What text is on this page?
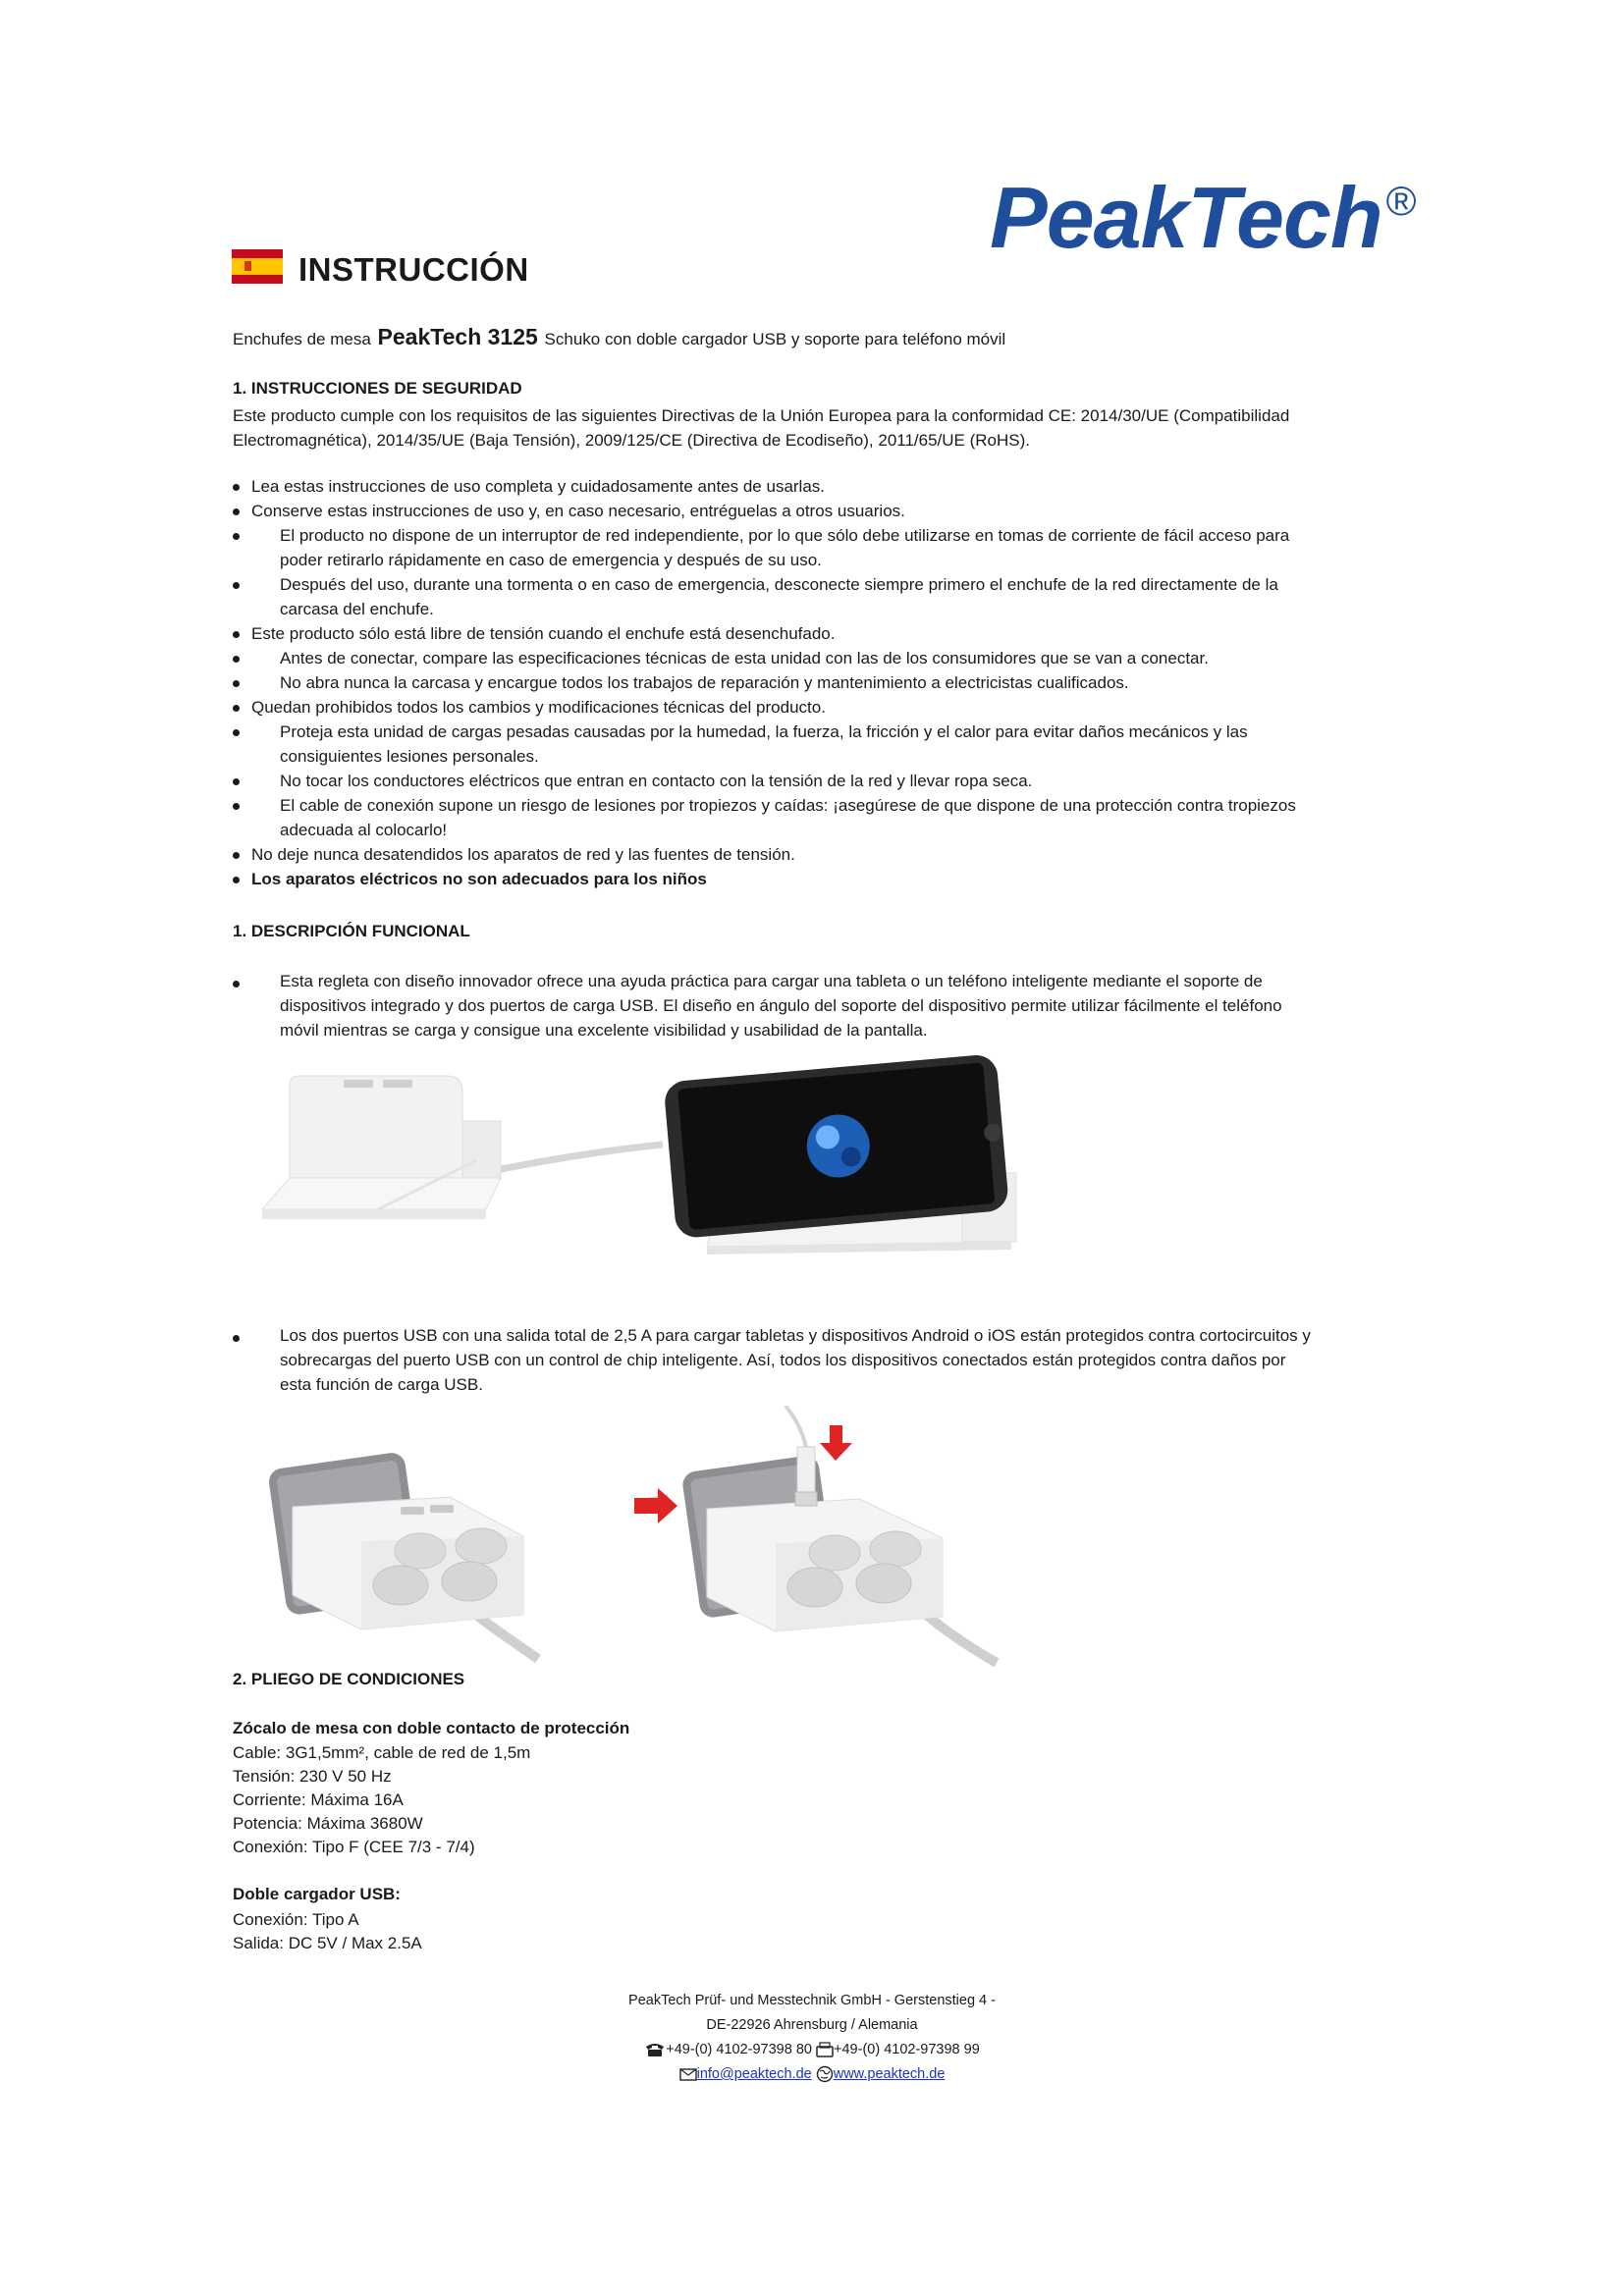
PeakTech®
INSTRUCCIÓN
Enchufes de mesa PeakTech 3125 Schuko con doble cargador USB y soporte para teléfono móvil
1. INSTRUCCIONES DE SEGURIDAD
Este producto cumple con los requisitos de las siguientes Directivas de la Unión Europea para la conformidad CE: 2014/30/UE (Compatibilidad
Electromagnética), 2014/35/UE (Baja Tensión), 2009/125/CE (Directiva de Ecodiseño), 2011/65/UE (RoHS).
Lea estas instrucciones de uso completa y cuidadosamente antes de usarlas.
Conserve estas instrucciones de uso y, en caso necesario, entréguelas a otros usuarios.
El producto no dispone de un interruptor de red independiente, por lo que sólo debe utilizarse en tomas de corriente de fácil acceso para
poder retirarlo rápidamente en caso de emergencia y después de su uso.
Después del uso, durante una tormenta o en caso de emergencia, desconecte siempre primero el enchufe de la red directamente de la
carcasa del enchufe.
Este producto sólo está libre de tensión cuando el enchufe está desenchufado.
Antes de conectar, compare las especificaciones técnicas de esta unidad con las de los consumidores que se van a conectar.
No abra nunca la carcasa y encargue todos los trabajos de reparación y mantenimiento a electricistas cualificados.
Quedan prohibidos todos los cambios y modificaciones técnicas del producto.
Proteja esta unidad de cargas pesadas causadas por la humedad, la fuerza, la fricción y el calor para evitar daños mecánicos y las
consiguientes lesiones personales.
No tocar los conductores eléctricos que entran en contacto con la tensión de la red y llevar ropa seca.
El cable de conexión supone un riesgo de lesiones por tropiezos y caídas: ¡asegúrese de que dispone de una protección contra tropiezos
adecuada al colocarlo!
No deje nunca desatendidos los aparatos de red y las fuentes de tensión.
Los aparatos eléctricos no son adecuados para los niños
1. DESCRIPCIÓN FUNCIONAL
Esta regleta con diseño innovador ofrece una ayuda práctica para cargar una tableta o un teléfono inteligente mediante el soporte de
dispositivos integrado y dos puertos de carga USB. El diseño en ángulo del soporte del dispositivo permite utilizar fácilmente el teléfono
móvil mientras se carga y consigue una excelente visibilidad y usabilidad de la pantalla.
Los dos puertos USB con una salida total de 2,5 A para cargar tabletas y dispositivos Android o iOS están protegidos contra cortocircuitos y
sobrecargas del puerto USB con un control de chip inteligente. Así, todos los dispositivos conectados están protegidos contra daños por
esta función de carga USB.
2. PLIEGO DE CONDICIONES
Zócalo de mesa con doble contacto de protección
Cable: 3G1,5mm², cable de red de 1,5m
Tensión: 230 V 50 Hz
Corriente: Máxima 16A
Potencia: Máxima 3680W
Conexión: Tipo F (CEE 7/3 - 7/4)
Doble cargador USB:
Conexión: Tipo A
Salida: DC 5V / Max 2.5A
PeakTech Prüf- und Messtechnik GmbH - Gerstenstieg 4 -
DE-22926 Ahrensburg / Alemania
+49-(0) 4102-97398 80 +49-(0) 4102-97398 99
info@peaktech.de www.peaktech.de
